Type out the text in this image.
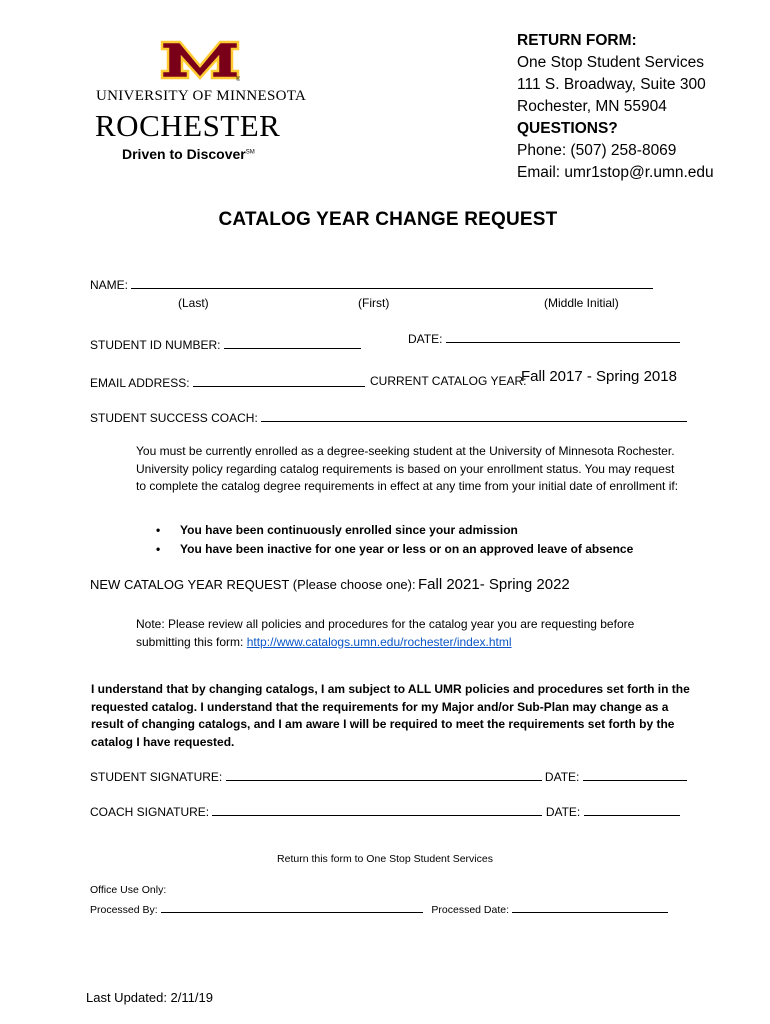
®
UNIVERSITY OF MINNESOTA
ROCHESTER
Driven to Discover℠
RETURN FORM:
One Stop Student Services
111 S. Broadway, Suite 300
Rochester, MN 55904
QUESTIONS?
Phone: (507) 258-8069
Email: umr1stop@r.umn.edu
CATALOG YEAR CHANGE REQUEST
NAME:
(Last)	(First)	(Middle Initial)
STUDENT ID NUMBER:	DATE:
EMAIL ADDRESS:	CURRENT CATALOG YEAR:
Fall 2017 - Spring 2018
STUDENT SUCCESS COACH:
You must be currently enrolled as a degree-seeking student at the University of Minnesota Rochester. University policy regarding catalog requirements is based on your enrollment status. You may request to complete the catalog degree requirements in effect at any time from your initial date of enrollment if:
• You have been continuously enrolled since your admission
• You have been inactive for one year or less or on an approved leave of absence
NEW CATALOG YEAR REQUEST (Please choose one): Fall 2021- Spring 2022
Note: Please review all policies and procedures for the catalog year you are requesting before submitting this form: http://www.catalogs.umn.edu/rochester/index.html
I understand that by changing catalogs, I am subject to ALL UMR policies and procedures set forth in the requested catalog. I understand that the requirements for my Major and/or Sub-Plan may change as a result of changing catalogs, and I am aware I will be required to meet the requirements set forth by the catalog I have requested.
STUDENT SIGNATURE:	DATE:
COACH SIGNATURE:	DATE:
Return this form to One Stop Student Services
Office Use Only:
Processed By:	Processed Date:
Last Updated: 2/11/19
